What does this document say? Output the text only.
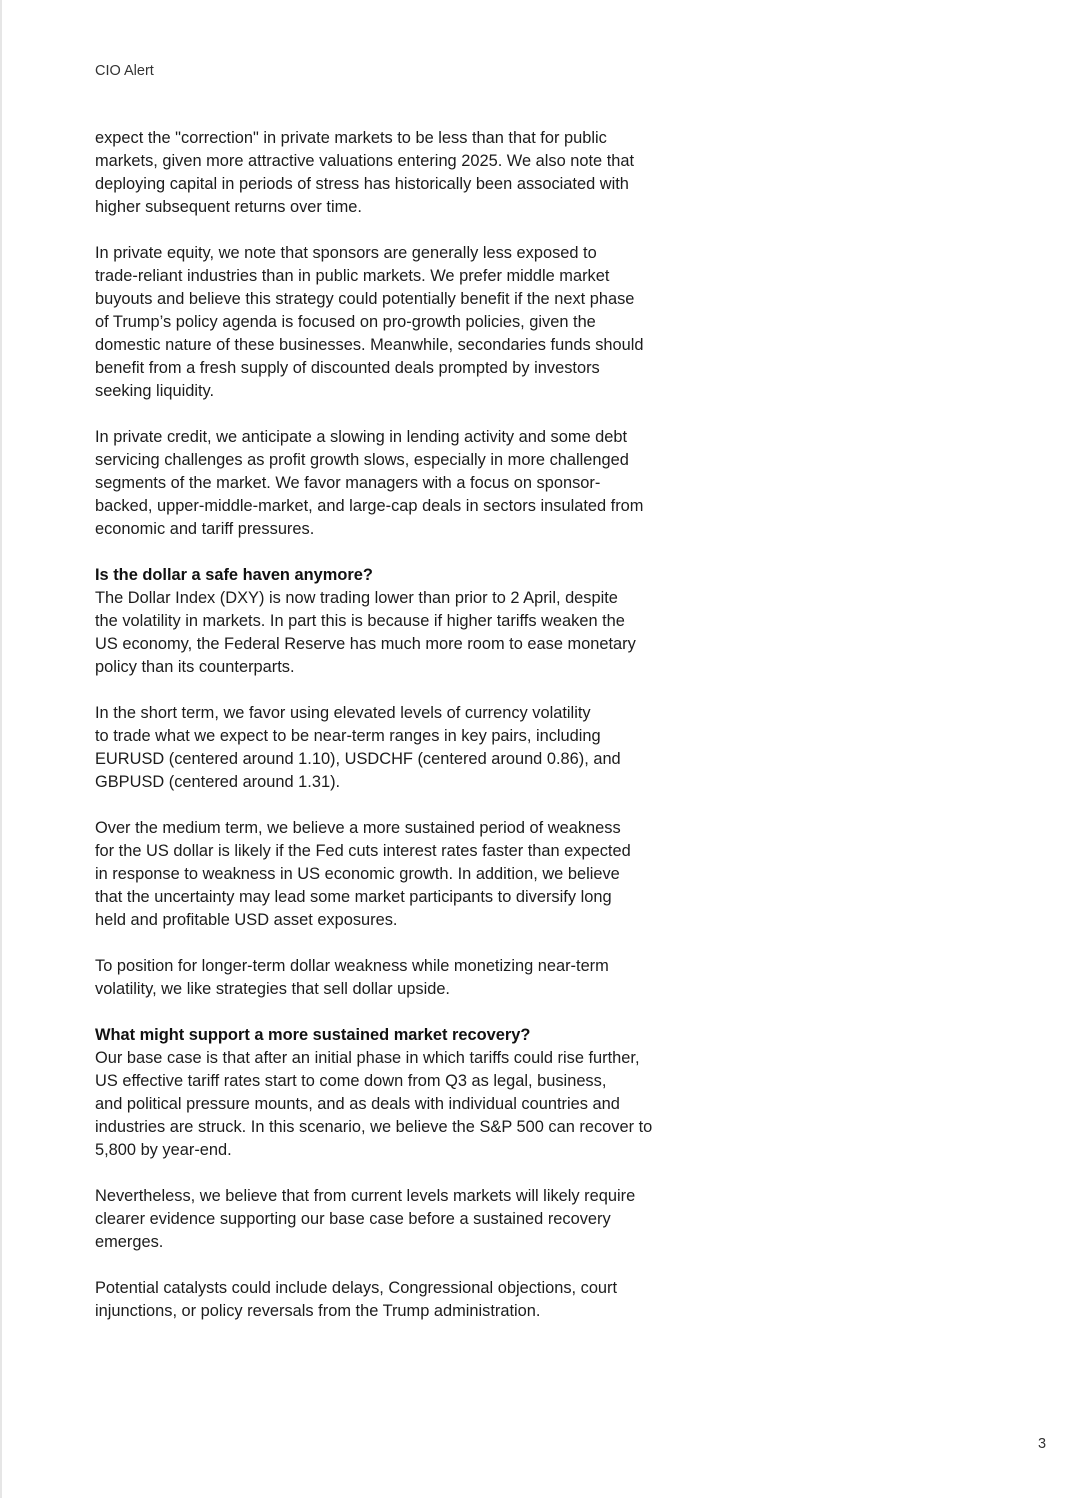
CIO Alert

expect the "correction" in private markets to be less than that for public
markets, given more attractive valuations entering 2025. We also note that
deploying capital in periods of stress has historically been associated with
higher subsequent returns over time.

In private equity, we note that sponsors are generally less exposed to
trade-reliant industries than in public markets. We prefer middle market
buyouts and believe this strategy could potentially benefit if the next phase
of Trump’s policy agenda is focused on pro-growth policies, given the
domestic nature of these businesses. Meanwhile, secondaries funds should
benefit from a fresh supply of discounted deals prompted by investors
seeking liquidity.

In private credit, we anticipate a slowing in lending activity and some debt
servicing challenges as profit growth slows, especially in more challenged
segments of the market. We favor managers with a focus on sponsor-
backed, upper-middle-market, and large-cap deals in sectors insulated from
economic and tariff pressures.

Is the dollar a safe haven anymore?

The Dollar Index (DXY) is now trading lower than prior to 2 April, despite
the volatility in markets. In part this is because if higher tariffs weaken the
US economy, the Federal Reserve has much more room to ease monetary
policy than its counterparts.

In the short term, we favor using elevated levels of currency volatility
to trade what we expect to be near-term ranges in key pairs, including
EURUSD (centered around 1.10), USDCHF (centered around 0.86), and
GBPUSD (centered around 1.31).

Over the medium term, we believe a more sustained period of weakness
for the US dollar is likely if the Fed cuts interest rates faster than expected
in response to weakness in US economic growth. In addition, we believe
that the uncertainty may lead some market participants to diversify long
held and profitable USD asset exposures.

To position for longer-term dollar weakness while monetizing near-term
volatility, we like strategies that sell dollar upside.

What might support a more sustained market recovery?

Our base case is that after an initial phase in which tariffs could rise further,
US effective tariff rates start to come down from Q3 as legal, business,
and political pressure mounts, and as deals with individual countries and
industries are struck. In this scenario, we believe the S&P 500 can recover to
5,800 by year-end.

Nevertheless, we believe that from current levels markets will likely require
clearer evidence supporting our base case before a sustained recovery
emerges.

Potential catalysts could include delays, Congressional objections, court
injunctions, or policy reversals from the Trump administration.

3
